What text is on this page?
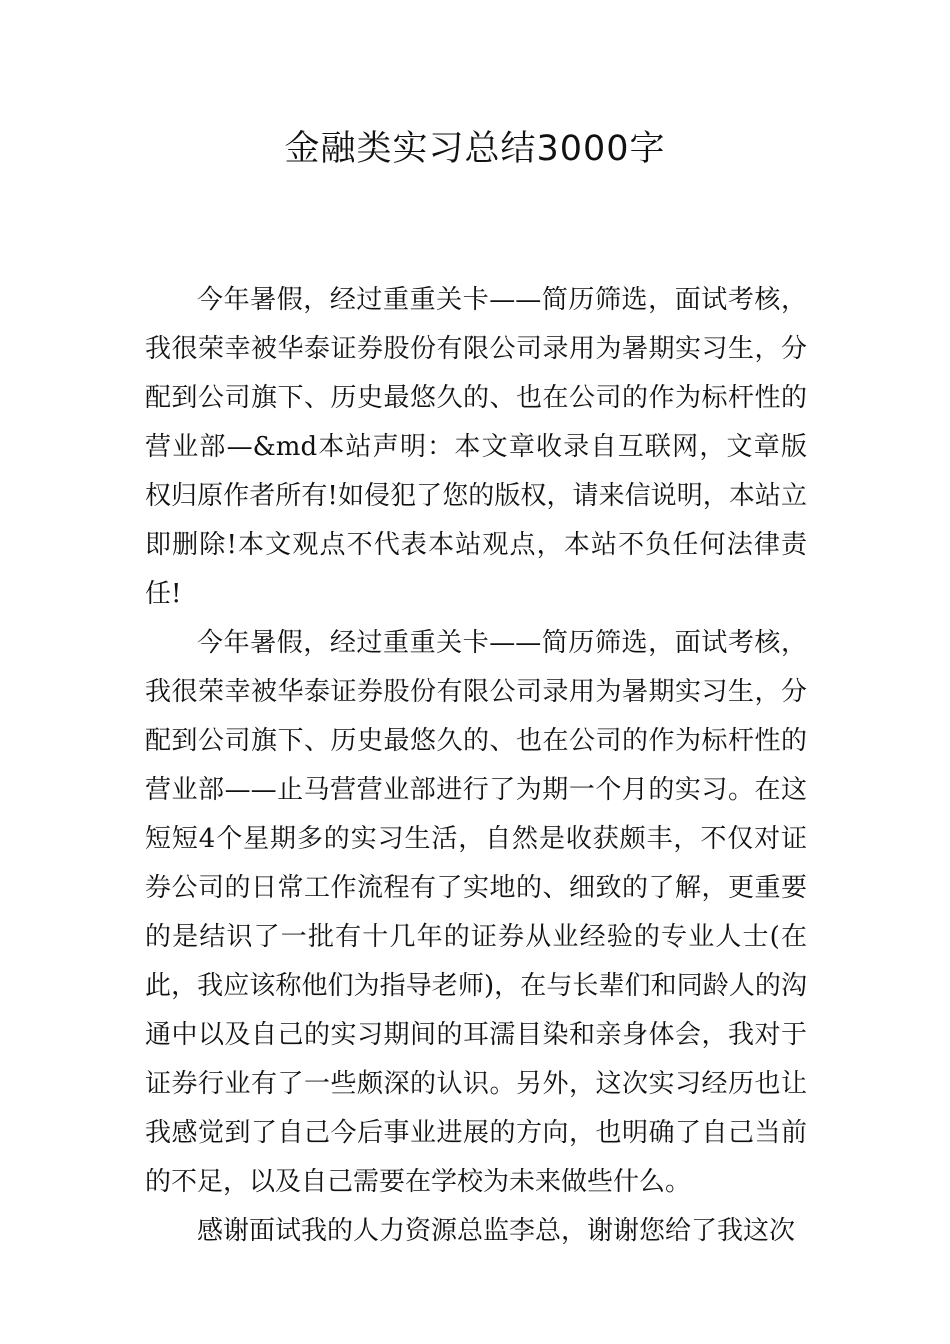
金融类实习总结3000字

今年暑假，经过重重关卡——简历筛选，面试考核，我很荣幸被华泰证券股份有限公司录用为暑期实习生，分配到公司旗下、历史最悠久的、也在公司的作为标杆性的营业部—&md本站声明：本文章收录自互联网，文章版权归原作者所有!如侵犯了您的版权，请来信说明，本站立即删除!本文观点不代表本站观点，本站不负任何法律责任!

今年暑假，经过重重关卡——简历筛选，面试考核，我很荣幸被华泰证券股份有限公司录用为暑期实习生，分配到公司旗下、历史最悠久的、也在公司的作为标杆性的营业部——止马营营业部进行了为期一个月的实习。在这短短4个星期多的实习生活，自然是收获颇丰，不仅对证券公司的日常工作流程有了实地的、细致的了解，更重要的是结识了一批有十几年的证券从业经验的专业人士(在此，我应该称他们为指导老师)，在与长辈们和同龄人的沟通中以及自己的实习期间的耳濡目染和亲身体会，我对于证券行业有了一些颇深的认识。另外，这次实习经历也让我感觉到了自己今后事业进展的方向，也明确了自己当前的不足，以及自己需要在学校为未来做些什么。

感谢面试我的人力资源总监李总，谢谢您给了我这次
